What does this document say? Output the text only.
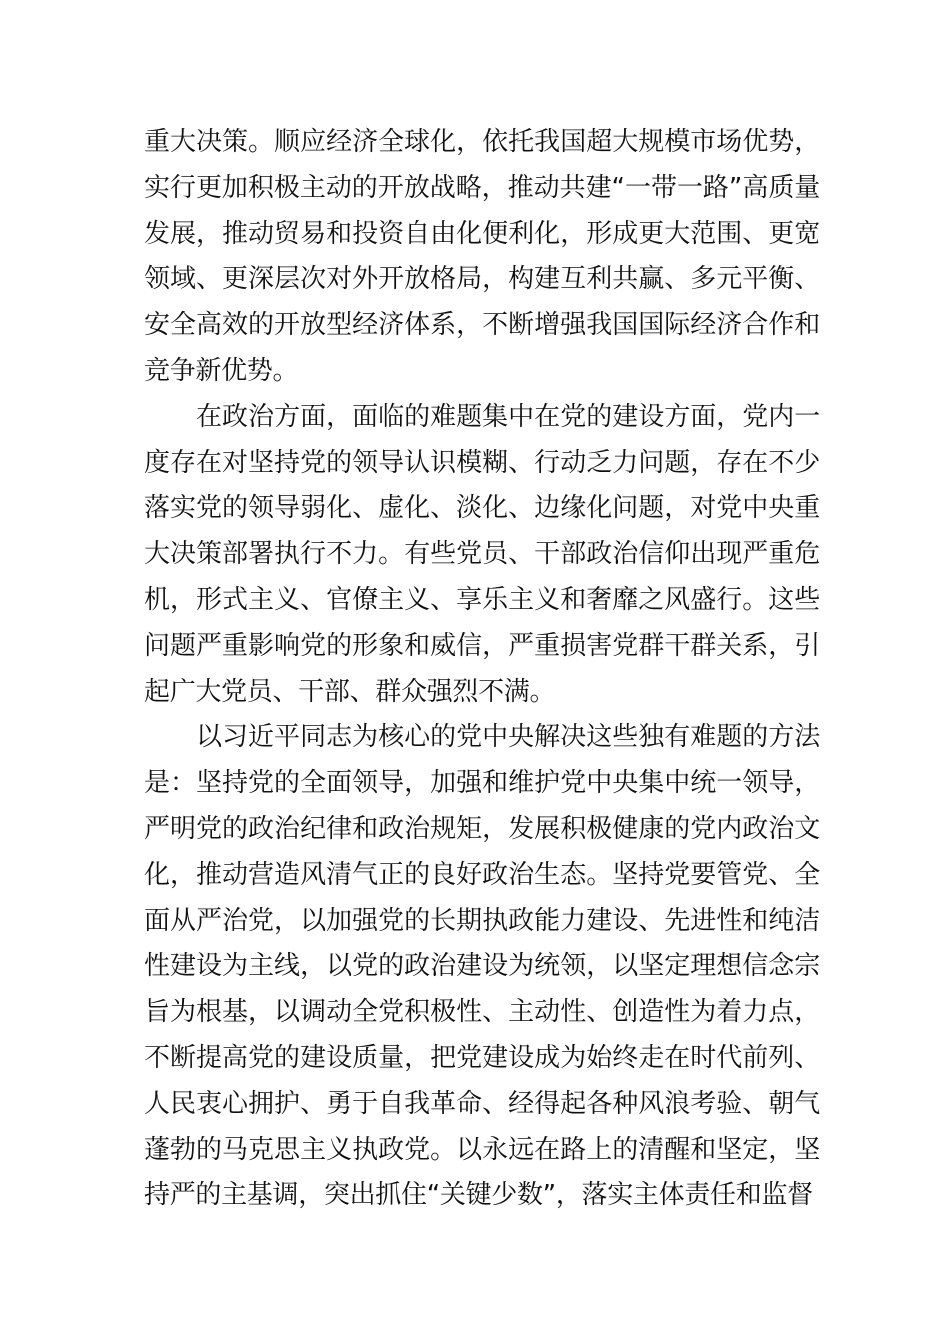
重大决策。顺应经济全球化，依托我国超大规模市场优势， 实行更加积极主动的开放战略，推动共建“一带一路”高质量发展，推动贸易和投资自由化便利化，形成更大范围、更宽领域、更深层次对外开放格局，构建互利共赢、多元平衡、安全高效的开放型经济体系，不断增强我国国际经济合作和竞争新优势。

　　在政治方面，面临的难题集中在党的建设方面，党内一度存在对坚持党的领导认识模糊、行动乏力问题，存在不少落实党的领导弱化、虚化、淡化、边缘化问题，对党中央重大决策部署执行不力。有些党员、干部政治信仰出现严重危机，形式主义、官僚主义、享乐主义和奢靡之风盛行。这些问题严重影响党的形象和威信，严重损害党群干群关系，引起广大党员、干部、群众强烈不满。

　　以习近平同志为核心的党中央解决这些独有难题的方法是：坚持党的全面领导，加强和维护党中央集中统一领导，严明党的政治纪律和政治规矩，发展积极健康的党内政治文化，推动营造风清气正的良好政治生态。坚持党要管党、全面从严治党，以加强党的长期执政能力建设、先进性和纯洁性建设为主线，以党的政治建设为统领，以坚定理想信念宗旨为根基，以调动全党积极性、主动性、创造性为着力点， 不断提高党的建设质量，把党建设成为始终走在时代前列、 人民衷心拥护、勇于自我革命、经得起各种风浪考验、朝气蓬勃的马克思主义执政党。以永远在路上的清醒和坚定，坚持严的主基调，突出抓住“关键少数”，落实主体责任和监督
